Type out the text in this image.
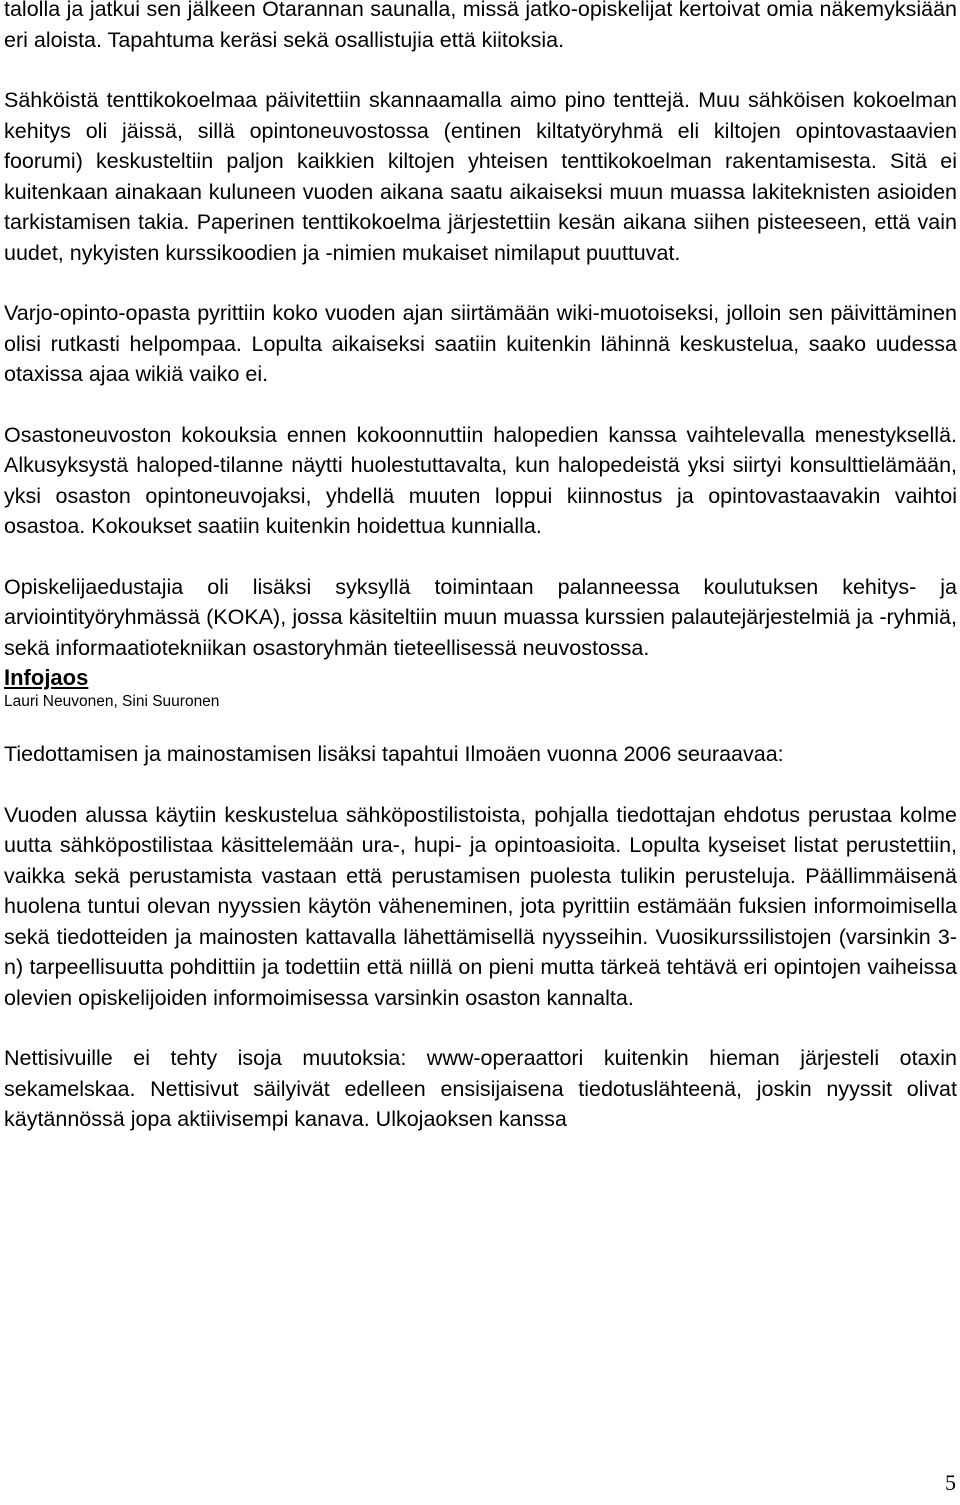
talolla ja jatkui sen jälkeen Otarannan saunalla, missä jatko-opiskelijat kertoivat omia näkemyksiään eri aloista. Tapahtuma keräsi sekä osallistujia että kiitoksia.

Sähköistä tenttikokoelmaa päivitettiin skannaamalla aimo pino tenttejä. Muu sähköisen kokoelman kehitys oli jäissä, sillä opintoneuvostossa (entinen kiltatyöryhmä eli kiltojen opintovastaavien foorumi) keskusteltiin paljon kaikkien kiltojen yhteisen tenttikokoelman rakentamisesta. Sitä ei kuitenkaan ainakaan kuluneen vuoden aikana saatu aikaiseksi muun muassa lakiteknisten asioiden tarkistamisen takia. Paperinen tenttikokoelma järjestettiin kesän aikana siihen pisteeseen, että vain uudet, nykyisten kurssikoodien ja -nimien mukaiset nimilaput puuttuvat.

Varjo-opinto-opasta pyrittiin koko vuoden ajan siirtämään wiki-muotoiseksi, jolloin sen päivittäminen olisi rutkasti helpompaa. Lopulta aikaiseksi saatiin kuitenkin lähinnä keskustelua, saako uudessa otaxissa ajaa wikiä vaiko ei.

Osastoneuvoston kokouksia ennen kokoonnuttiin halopedien kanssa vaihtelevalla menestyksellä. Alkusyksystä haloped-tilanne näytti huolestuttavalta, kun halopedeistä yksi siirtyi konsulttielämään, yksi osaston opintoneuvojaksi, yhdellä muuten loppui kiinnostus ja opintovastaavakin vaihtoi osastoa. Kokoukset saatiin kuitenkin hoidettua kunnialla.

Opiskelijaedustajia oli lisäksi syksyllä toimintaan palanneessa koulutuksen kehitys- ja arviointityöryhmässä (KOKA), jossa käsiteltiin muun muassa kurssien palautejärjestelmiä ja -ryhmiä, sekä informaatiotekniikan osastoryhmän tieteellisessä neuvostossa.

Infojaos

Lauri Neuvonen, Sini Suuronen

Tiedottamisen ja mainostamisen lisäksi tapahtui Ilmoäen vuonna 2006 seuraavaa:

Vuoden alussa käytiin keskustelua sähköpostilistoista, pohjalla tiedottajan ehdotus perustaa kolme uutta sähköpostilistaa käsittelemään ura-, hupi- ja opintoasioita. Lopulta kyseiset listat perustettiin, vaikka sekä perustamista vastaan että perustamisen puolesta tulikin perusteluja. Päällimmäisenä huolena tuntui olevan nyyssien käytön väheneminen, jota pyrittiin estämään fuksien informoimisella sekä tiedotteiden ja mainosten kattavalla lähettämisellä nyysseihin. Vuosikurssilistojen (varsinkin 3-n) tarpeellisuutta pohdittiin ja todettiin että niillä on pieni mutta tärkeä tehtävä eri opintojen vaiheissa olevien opiskelijoiden informoimisessa varsinkin osaston kannalta.

Nettisivuille ei tehty isoja muutoksia: www-operaattori kuitenkin hieman järjesteli otaxin sekamelskaa. Nettisivut säilyivät edelleen ensisijaisena tiedotuslähteenä, joskin nyyssit olivat käytännössä jopa aktiivisempi kanava. Ulkojaoksen kanssa

5
